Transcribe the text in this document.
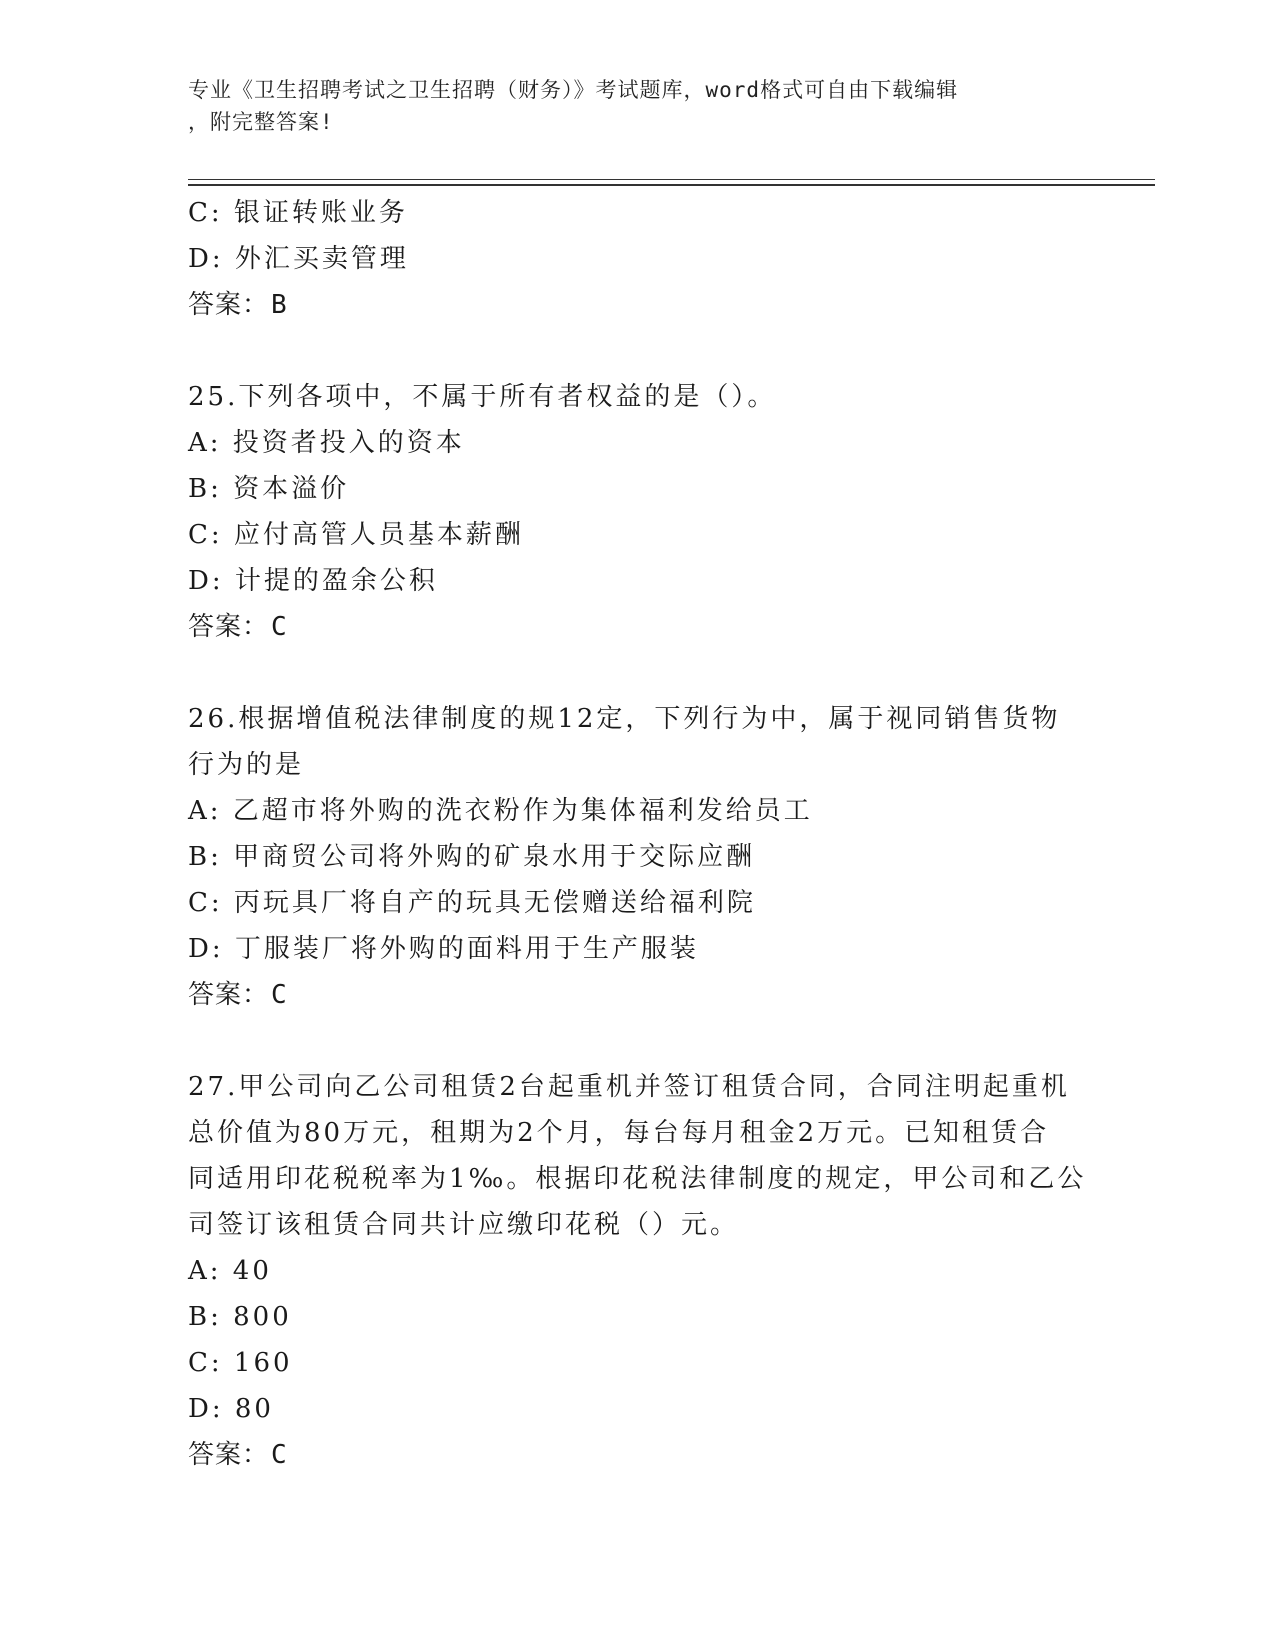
专业《卫生招聘考试之卫生招聘（财务）》考试题库，word格式可自由下载编辑
，附完整答案!
C: 银证转账业务
D: 外汇买卖管理
答案：B
25.下列各项中，不属于所有者权益的是（）。
A: 投资者投入的资本
B: 资本溢价
C: 应付高管人员基本薪酬
D: 计提的盈余公积
答案：C
26.根据增值税法律制度的规12定，下列行为中，属于视同销售货物
行为的是
A: 乙超市将外购的洗衣粉作为集体福利发给员工
B: 甲商贸公司将外购的矿泉水用于交际应酬
C: 丙玩具厂将自产的玩具无偿赠送给福利院
D: 丁服装厂将外购的面料用于生产服装
答案：C
27.甲公司向乙公司租赁2台起重机并签订租赁合同，合同注明起重机
总价值为80万元，租期为2个月，每台每月租金2万元。已知租赁合
同适用印花税税率为1‰。根据印花税法律制度的规定，甲公司和乙公
司签订该租赁合同共计应缴印花税（）元。
A: 40
B: 800
C: 160
D: 80
答案：C
